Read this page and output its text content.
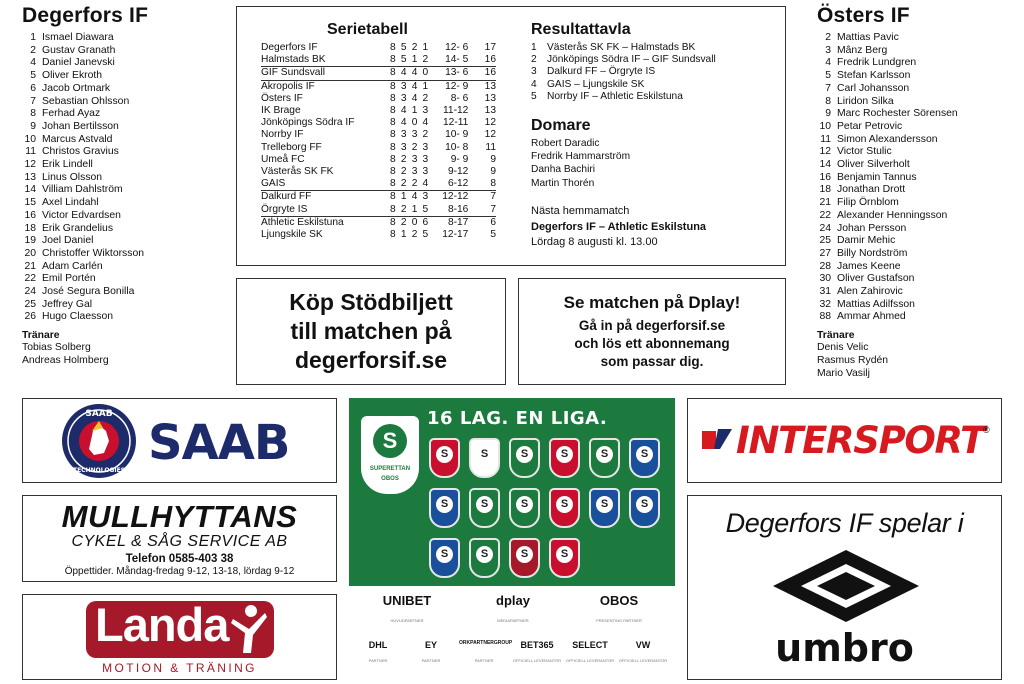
Degerfors IF
1 Ismael Diawara
2 Gustav Granath
4 Daniel Janevski
5 Oliver Ekroth
6 Jacob Ortmark
7 Sebastian Ohlsson
8 Ferhad Ayaz
9 Johan Bertilsson
10 Marcus Astvald
11 Christos Gravius
12 Erik Lindell
13 Linus Olsson
14 Villiam Dahlström
15 Axel Lindahl
16 Victor Edvardsen
18 Erik Grandelius
19 Joel Daniel
20 Christoffer Wiktorsson
21 Adam Carlén
22 Emil Portén
24 José Segura Bonilla
25 Jeffrey Gal
26 Hugo Claesson
Tränare
Tobias Solberg
Andreas Holmberg
Östers IF
2 Mattias Pavic
3 Mânz Berg
4 Fredrik Lundgren
5 Stefan Karlsson
7 Carl Johansson
8 Liridon Silka
9 Marc Rochester Sörensen
10 Petar Petrovic
11 Simon Alexandersson
12 Victor Stulic
14 Oliver Silverholt
16 Benjamin Tannus
18 Jonathan Drott
21 Filip Örnblom
22 Alexander Henningsson
24 Johan Persson
25 Damir Mehic
27 Billy Nordström
28 James Keene
30 Oliver Gustafson
31 Alen Zahirovic
32 Mattias Adilfsson
88 Ammar Ahmed
Tränare
Denis Velic
Rasmus Rydén
Mario Vasilj
Serietabell
Degerfors IF	8 5 2 1	12- 6	17
Halmstads BK	8 5 1 2	14- 5	16
GIF Sundsvall	8 4 4 0	13- 6	16
Akropolis IF	8 3 4 1	12- 9	13
Östers IF	8 3 4 2	8- 6	13
IK Brage	8 4 1 3	11-12	13
Jönköpings Södra IF	8 4 0 4	12-11	12
Norrby IF	8 3 3 2	10- 9	12
Trelleborg FF	8 3 2 3	10- 8	11
Umeå FC	8 2 3 3	9- 9	9
Västerås SK FK	8 2 3 3	9-12	9
GAIS	8 2 2 4	6-12	8
Dalkurd FF	8 1 4 3	12-12	7
Örgryte IS	8 2 1 5	8-16	7
Athletic Eskilstuna	8 2 0 6	8-17	6
Ljungskile SK	8 1 2 5	12-17	5
Resultattavla
1	Västerås SK FK – Halmstads BK
2	Jönköpings Södra IF – GIF Sundsvall
3	Dalkurd FF – Örgryte IS
4	GAIS – Ljungskile SK
5	Norrby IF – Athletic Eskilstuna
Domare
Robert Daradic
Fredrik Hammarström
Danha Bachiri
Martin Thorén
Nästa hemmamatch
Degerfors IF – Athletic Eskilstuna
Lördag 8 augusti kl. 13.00
Köp Stödbiljett
till matchen på
degerforsif.se
Se matchen på Dplay!
Gå in på degerforsif.se
och lös ett abonnemang
som passar dig.
SAAB
TECHNOLOGIES SAAB
MULLHYTTANS
CYKEL & SÅG SERVICE AB
Telefon 0585-403 38
Öppettider. Måndag-fredag 9-12, 13-18, lördag 9-12
Landa
MOTION & TRÄNING
S
SUPERETTAN
OBOS
16 LAG. EN LIGA.
S	S	S	S	S	S
S	S	S	S	S	S
S	S	S	S
UNIBET
HUVUDPARTNER
dplay
MEDIAPARTNER
OBOS
PRESENTING PARTNER
DHL
PARTNER
EY
PARTNER
ORKPARTNERGROUP
PARTNER
BET365
OFFICIELL LEVERANTÖR
SELECT
OFFICIELL LEVERANTÖR
VW
OFFICIELL LEVERANTÖR
INTERSPORT
®
Degerfors IF spelar i
umbro
